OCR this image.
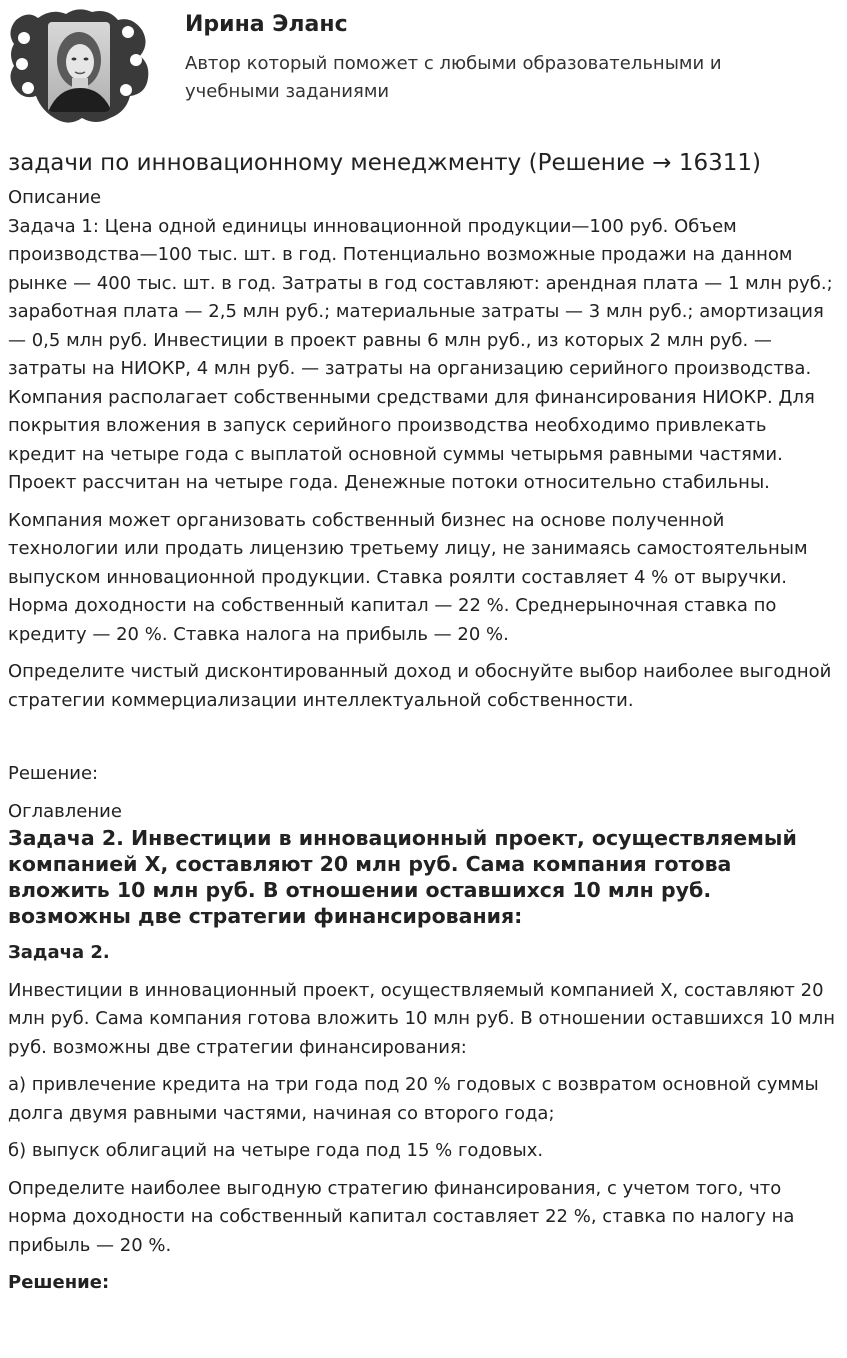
Ирина Эланс

Автор который поможет с любыми образовательными и учебными заданиями

задачи по инновационному менеджменту (Решение → 16311)
Описание

Задача 1: Цена одной единицы инновационной продукции—100 руб. Объем производства—100 тыс. шт. в год. Потенциально возможные продажи на данном рынке — 400 тыс. шт. в год. Затраты в год составляют: арендная плата — 1 млн руб.; заработная плата — 2,5 млн руб.; материальные затраты — 3 млн руб.; амортизация — 0,5 млн руб. Инвестиции в проект равны 6 млн руб., из которых 2 млн руб. — затраты на НИОКР, 4 млн руб. — затраты на организацию серийного производства. Компания располагает собственными средствами для финансирования НИОКР. Для покрытия вложения в запуск серийного производства необходимо привлекать кредит на четыре года с выплатой основной суммы четырьмя равными частями. Проект рассчитан на четыре года. Денежные потоки относительно стабильны.

Компания может организовать собственный бизнес на основе полученной технологии или продать лицензию третьему лицу, не занимаясь самостоятельным выпуском инновационной продукции. Ставка роялти составляет 4 % от выручки. Норма доходности на собственный капитал — 22 %. Среднерыночная ставка по кредиту — 20 %. Ставка налога на прибыль — 20 %.

Определите чистый дисконтированный доход и обоснуйте выбор наиболее выгодной стратегии коммерциализации интеллектуальной собственности.

Решение:
Оглавление
Задача 2. Инвестиции в инновационный проект, осуществляемый компанией X, составляют 20 млн руб. Сама компания готова вложить 10 млн руб. В отношении оставшихся 10 млн руб. возможны две стратегии финансирования:
Задача 2.

Инвестиции в инновационный проект, осуществляемый компанией X, составляют 20 млн руб. Сама компания готова вложить 10 млн руб. В отношении оставшихся 10 млн руб. возможны две стратегии финансирования:

а) привлечение кредита на три года под 20 % годовых с возвратом основной суммы долга двумя равными частями, начиная со второго года;

б) выпуск облигаций на четыре года под 15 % годовых.

Определите наиболее выгодную стратегию финансирования, с учетом того, что норма доходности на собственный капитал составляет 22 %, ставка по налогу на прибыль — 20 %.

Решение:
